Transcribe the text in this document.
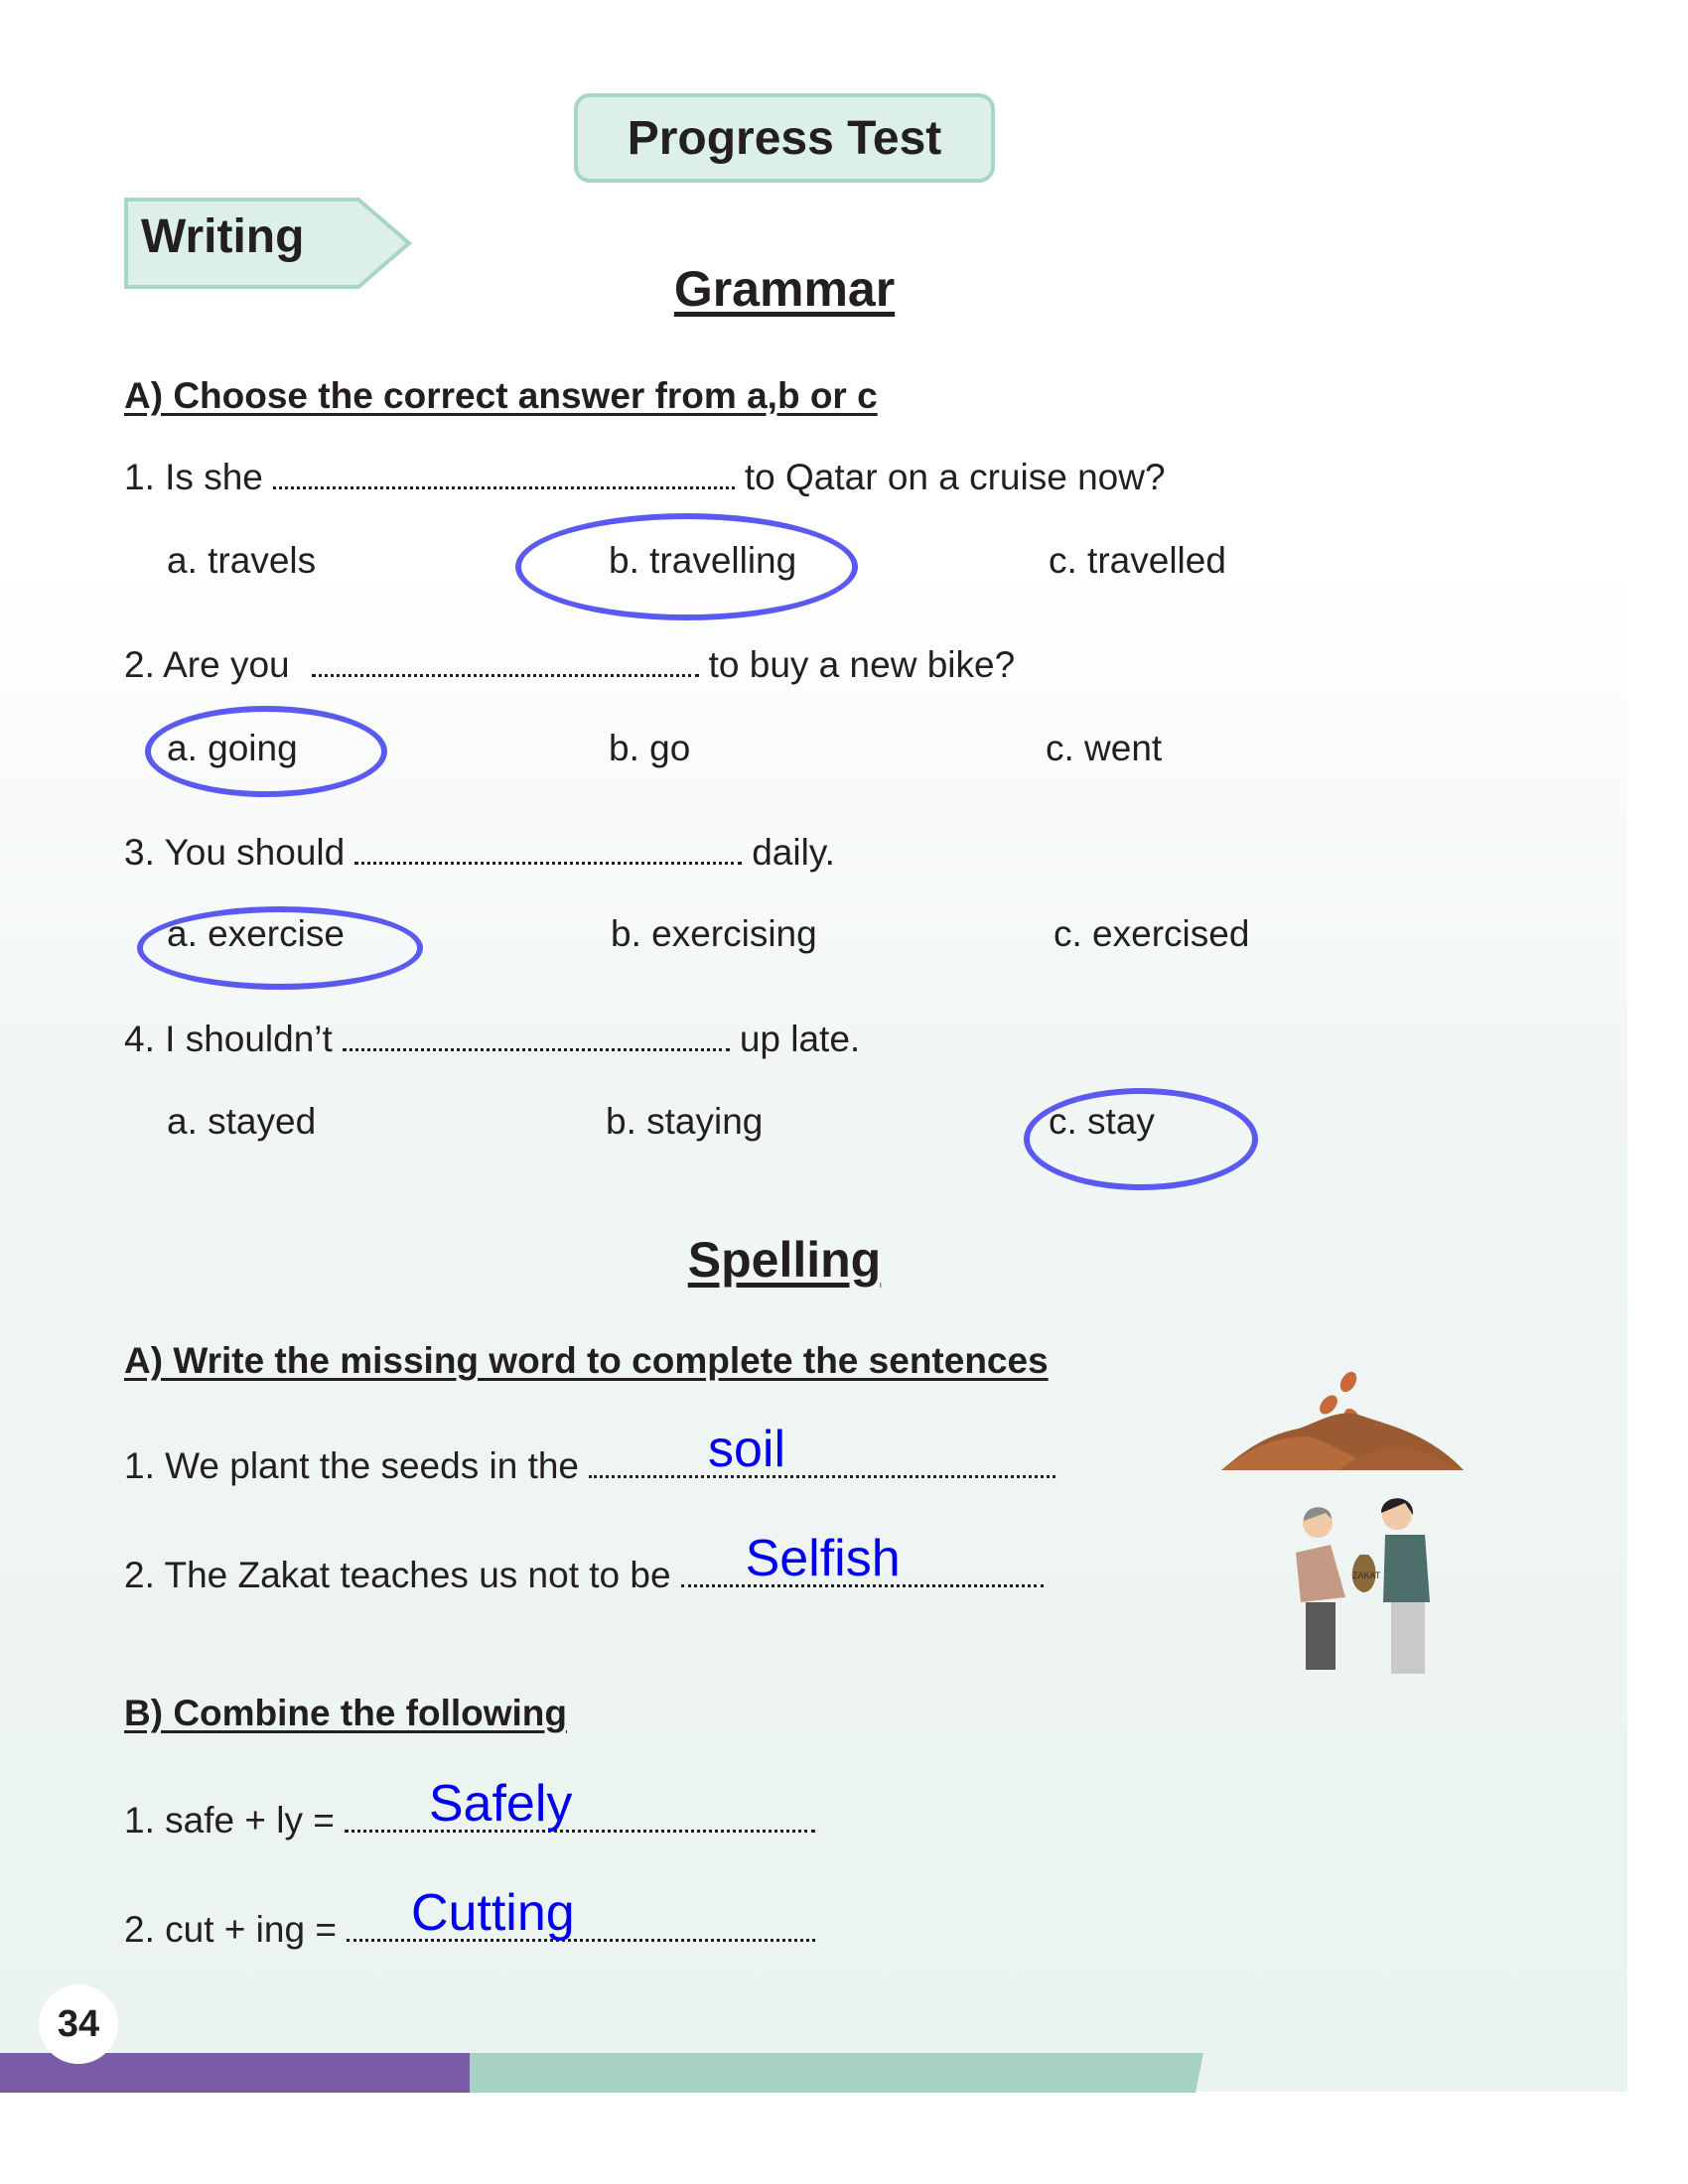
Progress Test
Writing
Grammar
A) Choose the correct answer from a,b or c
1. Is she	to Qatar on a cruise now?
a. travels	b. travelling	c. travelled
2. Are you	to buy a new bike?
a. going	b. go	c. went
3. You should	daily.
a. exercise	b. exercising	c. exercised
4. I shouldn’t	up late.
a. stayed	b. staying	c. stay
Spelling
A) Write the missing word to complete the sentences
1. We plant the seeds in the	soil
2. The Zakat teaches us not to be Selfish
B) Combine the following
1. safe + ly = Safely
2. cut + ing = Cutting
ZAKAT
34
